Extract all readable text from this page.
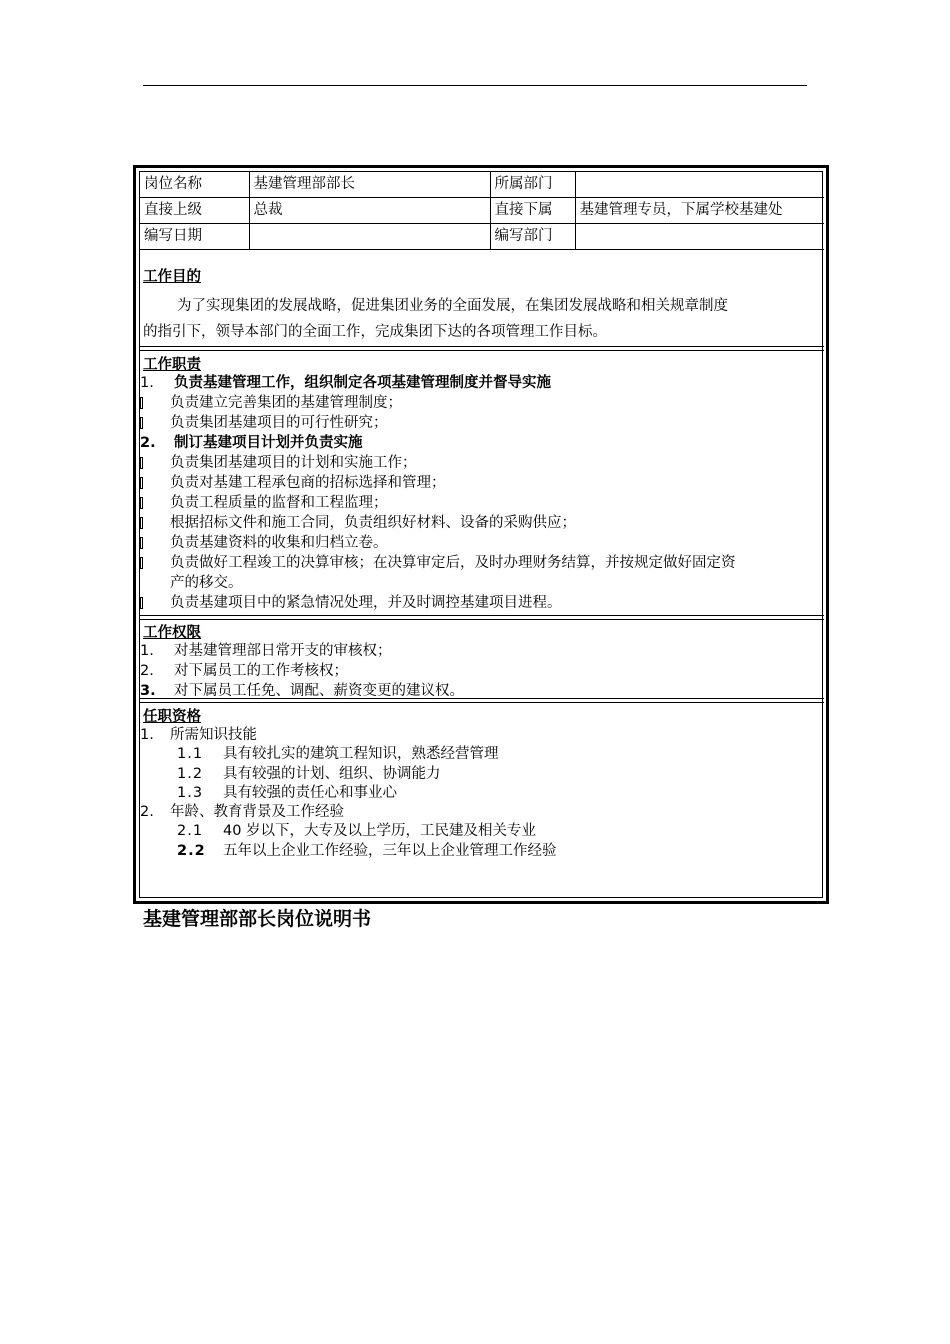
岗位名称	基建管理部部长	所属部门	
直接上级	总裁	直接下属	基建管理专员，下属学校基建处
编写日期		编写部门	
工作目的
为了实现集团的发展战略，促进集团业务的全面发展，在集团发展战略和相关规章制度
的指引下，领导本部门的全面工作，完成集团下达的各项管理工作目标。
工作职责
1. 负责基建管理工作，组织制定各项基建管理制度并督导实施
负责建立完善集团的基建管理制度；
负责集团基建项目的可行性研究；
2. 制订基建项目计划并负责实施
负责集团基建项目的计划和实施工作；
负责对基建工程承包商的招标选择和管理；
负责工程质量的监督和工程监理；
根据招标文件和施工合同，负责组织好材料、设备的采购供应；
负责基建资料的收集和归档立卷。
负责做好工程竣工的决算审核；在决算审定后，及时办理财务结算，并按规定做好固定资
产的移交。
负责基建项目中的紧急情况处理，并及时调控基建项目进程。
工作权限
1. 对基建管理部日常开支的审核权；
2. 对下属员工的工作考核权；
3. 对下属员工任免、调配、薪资变更的建议权。
任职资格
1. 所需知识技能
1.1 具有较扎实的建筑工程知识，熟悉经营管理
1.2 具有较强的计划、组织、协调能力
1.3 具有较强的责任心和事业心
2. 年龄、教育背景及工作经验
2.1 40 岁以下，大专及以上学历，工民建及相关专业
2.2 五年以上企业工作经验，三年以上企业管理工作经验
基建管理部部长岗位说明书
